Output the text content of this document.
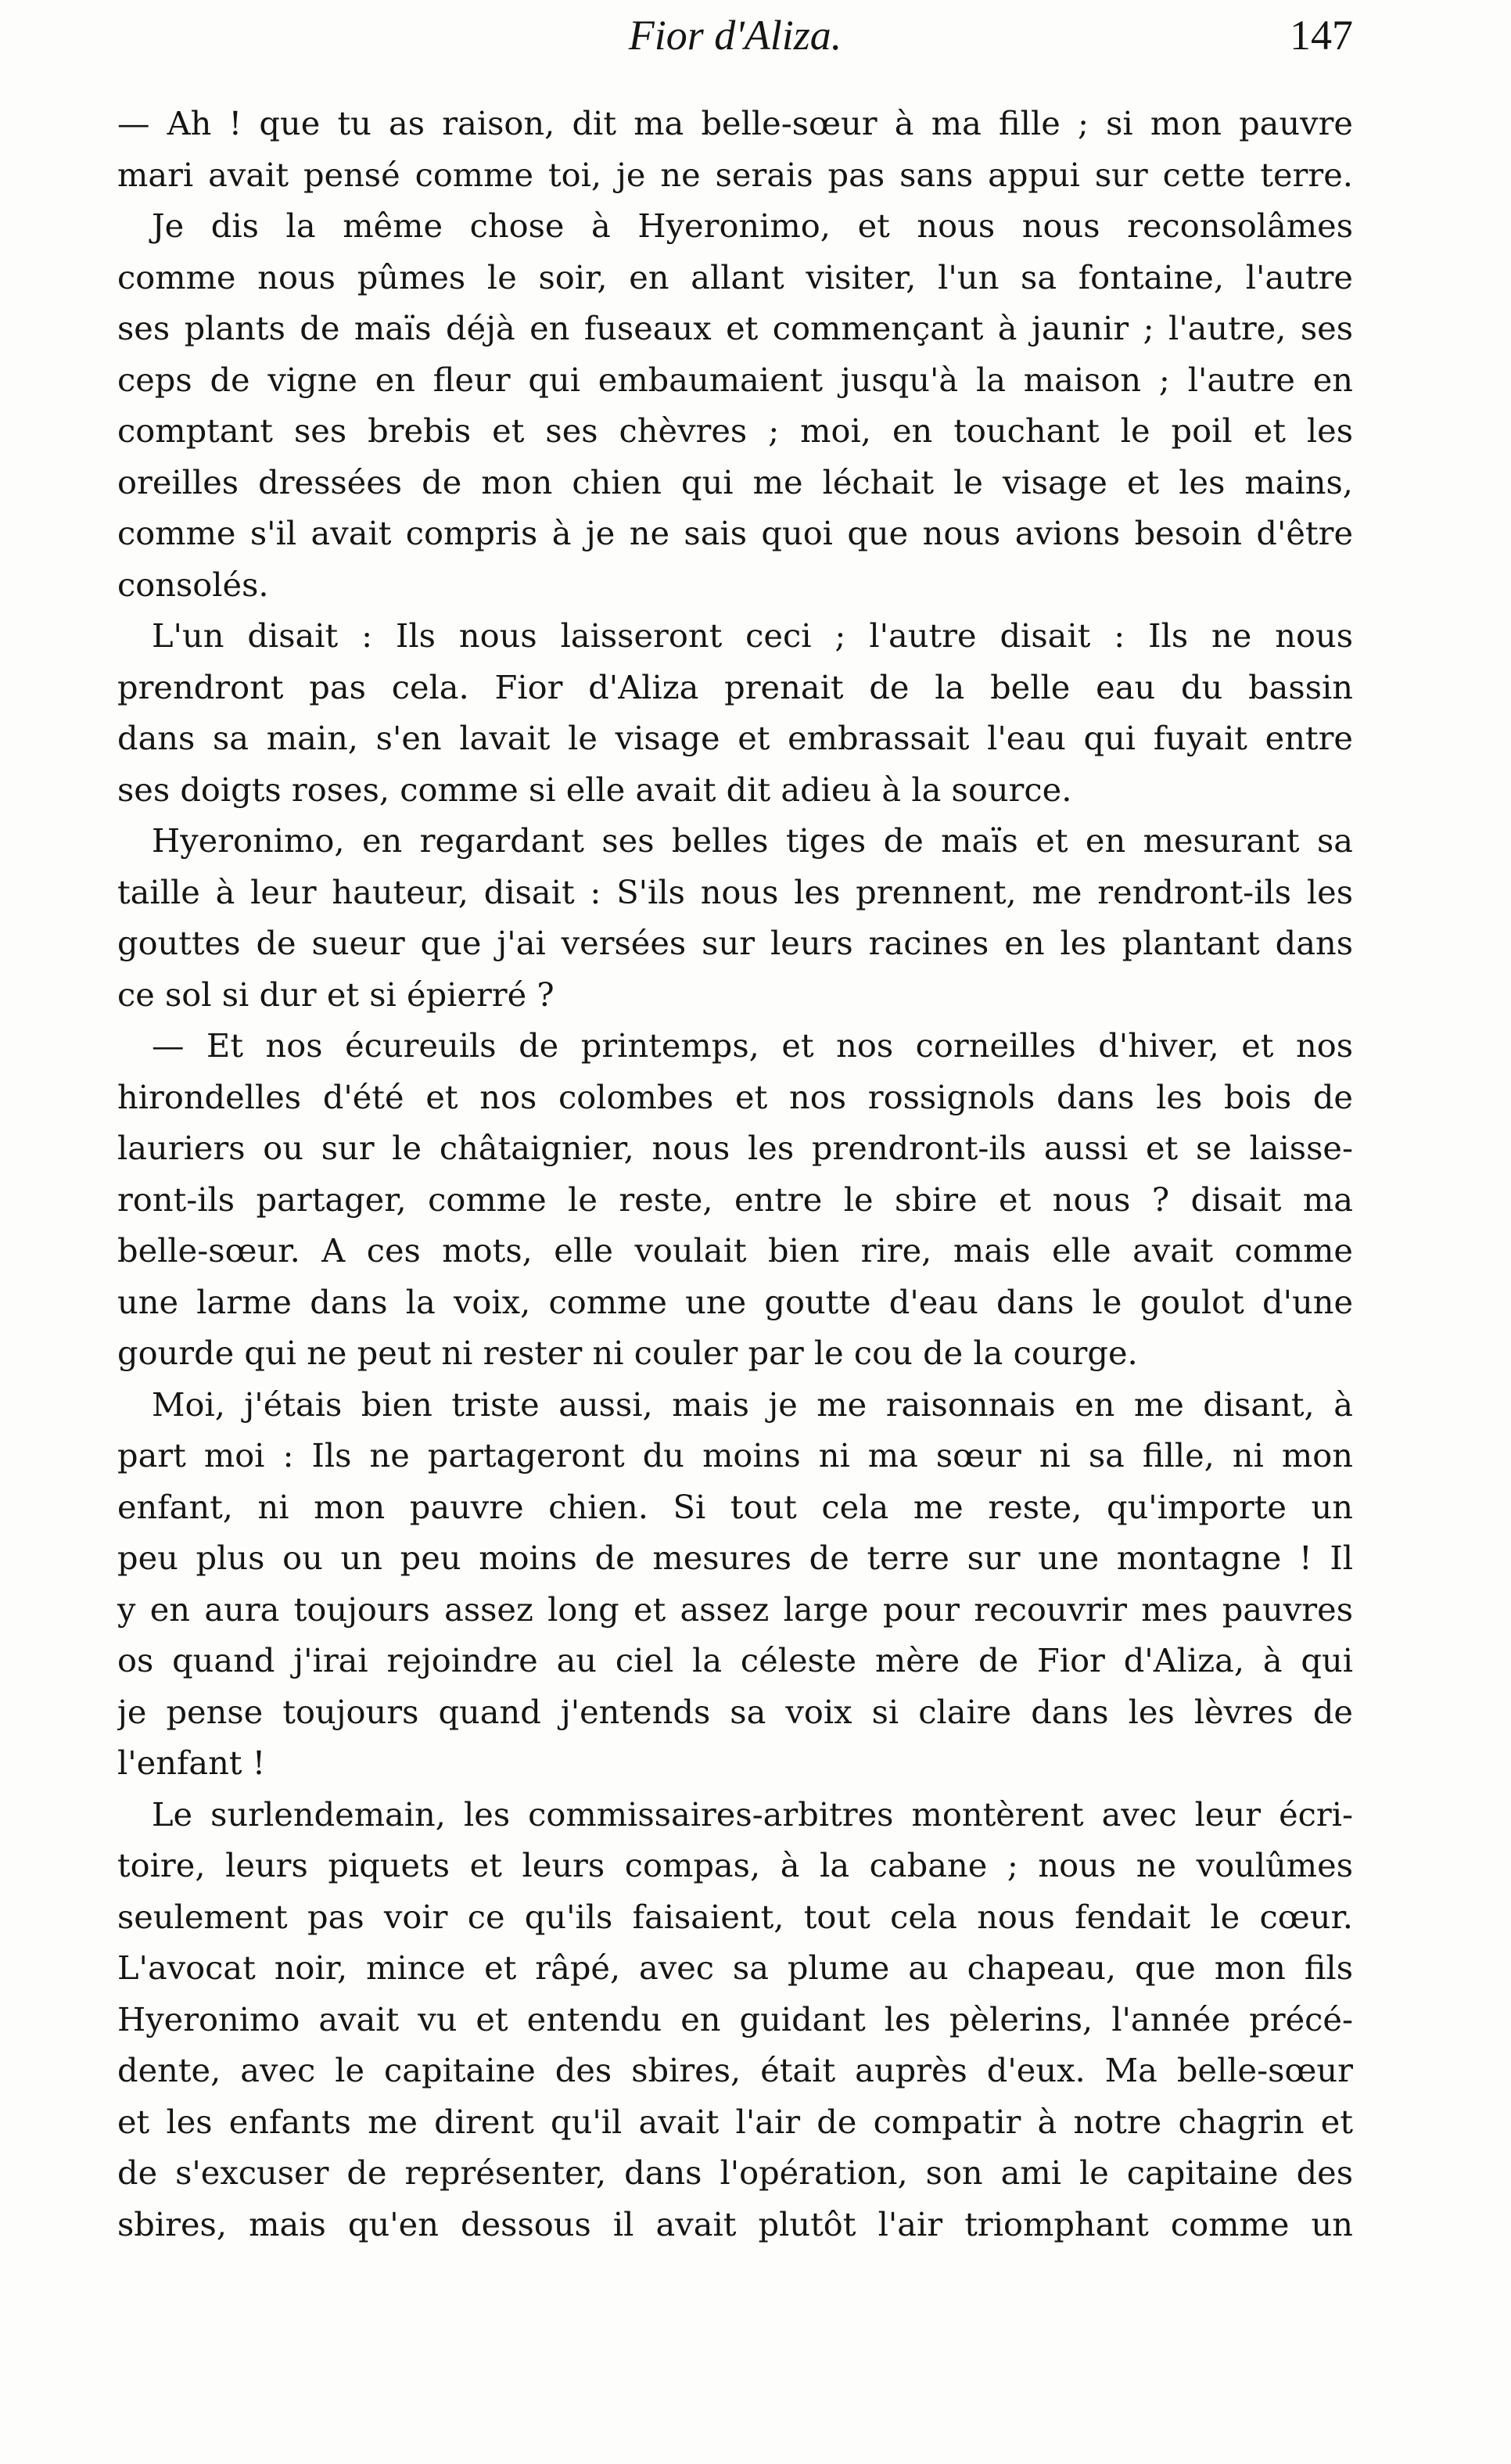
Fior d'Aliza.	147
— Ah ! que tu as raison, dit ma belle-sœur à ma fille ; si mon pauvre
mari avait pensé comme toi, je ne serais pas sans appui sur cette terre.
Je dis la même chose à Hyeronimo, et nous nous reconsolâmes
comme nous pûmes le soir, en allant visiter, l'un sa fontaine, l'autre
ses plants de maïs déjà en fuseaux et commençant à jaunir ; l'autre, ses
ceps de vigne en fleur qui embaumaient jusqu'à la maison ; l'autre en
comptant ses brebis et ses chèvres ; moi, en touchant le poil et les
oreilles dressées de mon chien qui me léchait le visage et les mains,
comme s'il avait compris à je ne sais quoi que nous avions besoin d'être
consolés.
L'un disait : Ils nous laisseront ceci ; l'autre disait : Ils ne nous
prendront pas cela. Fior d'Aliza prenait de la belle eau du bassin
dans sa main, s'en lavait le visage et embrassait l'eau qui fuyait entre
ses doigts roses, comme si elle avait dit adieu à la source.
Hyeronimo, en regardant ses belles tiges de maïs et en mesurant sa
taille à leur hauteur, disait : S'ils nous les prennent, me rendront-ils les
gouttes de sueur que j'ai versées sur leurs racines en les plantant dans
ce sol si dur et si épierré ?
— Et nos écureuils de printemps, et nos corneilles d'hiver, et nos
hirondelles d'été et nos colombes et nos rossignols dans les bois de
lauriers ou sur le châtaignier, nous les prendront-ils aussi et se laisse-
ront-ils partager, comme le reste, entre le sbire et nous ? disait ma
belle-sœur. A ces mots, elle voulait bien rire, mais elle avait comme
une larme dans la voix, comme une goutte d'eau dans le goulot d'une
gourde qui ne peut ni rester ni couler par le cou de la courge.
Moi, j'étais bien triste aussi, mais je me raisonnais en me disant, à
part moi : Ils ne partageront du moins ni ma sœur ni sa fille, ni mon
enfant, ni mon pauvre chien. Si tout cela me reste, qu'importe un
peu plus ou un peu moins de mesures de terre sur une montagne ! Il
y en aura toujours assez long et assez large pour recouvrir mes pauvres
os quand j'irai rejoindre au ciel la céleste mère de Fior d'Aliza, à qui
je pense toujours quand j'entends sa voix si claire dans les lèvres de
l'enfant !
Le surlendemain, les commissaires-arbitres montèrent avec leur écri-
toire, leurs piquets et leurs compas, à la cabane ; nous ne voulûmes
seulement pas voir ce qu'ils faisaient, tout cela nous fendait le cœur.
L'avocat noir, mince et râpé, avec sa plume au chapeau, que mon fils
Hyeronimo avait vu et entendu en guidant les pèlerins, l'année précé-
dente, avec le capitaine des sbires, était auprès d'eux. Ma belle-sœur
et les enfants me dirent qu'il avait l'air de compatir à notre chagrin et
de s'excuser de représenter, dans l'opération, son ami le capitaine des
sbires, mais qu'en dessous il avait plutôt l'air triomphant comme un
